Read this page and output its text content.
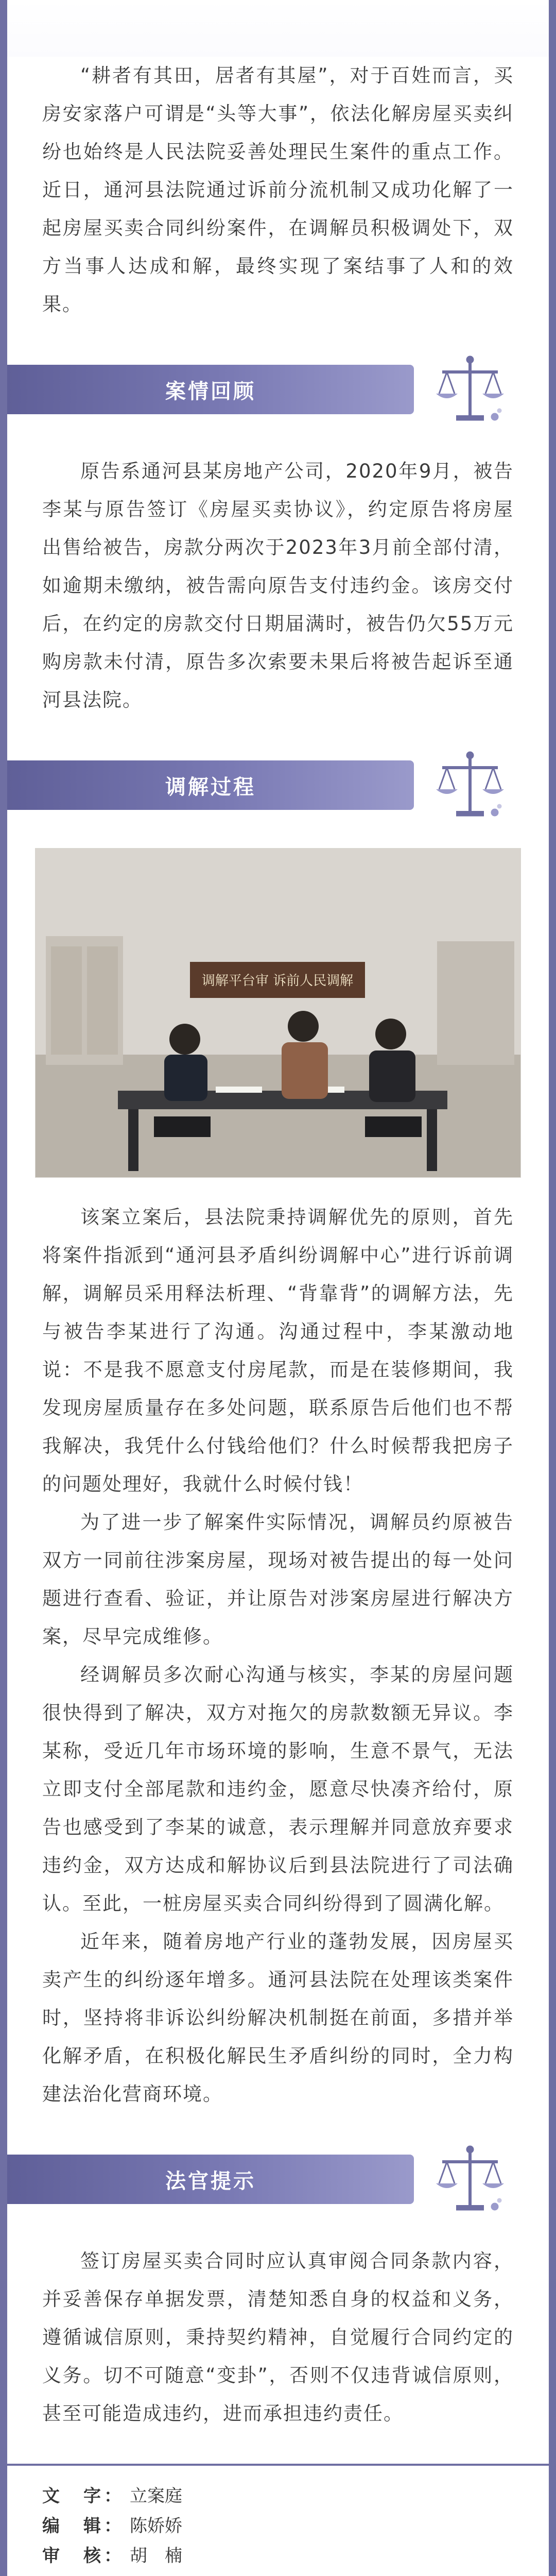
“耕者有其田，居者有其屋”，对于百姓而言，买房安家落户可谓是“头等大事”，依法化解房屋买卖纠纷也始终是人民法院妥善处理民生案件的重点工作。近日，通河县法院通过诉前分流机制又成功化解了一起房屋买卖合同纠纷案件，在调解员积极调处下，双方当事人达成和解，最终实现了案结事了人和的效果。

案情回顾

原告系通河县某房地产公司，2020年9月，被告李某与原告签订《房屋买卖协议》，约定原告将房屋出售给被告，房款分两次于2023年3月前全部付清，如逾期未缴纳，被告需向原告支付违约金。该房交付后，在约定的房款交付日期届满时，被告仍欠55万元购房款未付清，原告多次索要未果后将被告起诉至通河县法院。

调解过程
调解平台审 诉前人民调解

该案立案后，县法院秉持调解优先的原则，首先将案件指派到“通河县矛盾纠纷调解中心”进行诉前调解，调解员采用释法析理、“背靠背”的调解方法，先与被告李某进行了沟通。沟通过程中，李某激动地说：不是我不愿意支付房尾款，而是在装修期间，我发现房屋质量存在多处问题，联系原告后他们也不帮我解决，我凭什么付钱给他们？什么时候帮我把房子的问题处理好，我就什么时候付钱！

为了进一步了解案件实际情况，调解员约原被告双方一同前往涉案房屋，现场对被告提出的每一处问题进行查看、验证，并让原告对涉案房屋进行解决方案，尽早完成维修。

经调解员多次耐心沟通与核实，李某的房屋问题很快得到了解决，双方对拖欠的房款数额无异议。李某称，受近几年市场环境的影响，生意不景气，无法立即支付全部尾款和违约金，愿意尽快凑齐给付，原告也感受到了李某的诚意，表示理解并同意放弃要求违约金，双方达成和解协议后到县法院进行了司法确认。至此，一桩房屋买卖合同纠纷得到了圆满化解。

近年来，随着房地产行业的蓬勃发展，因房屋买卖产生的纠纷逐年增多。通河县法院在处理该类案件时，坚持将非诉讼纠纷解决机制挺在前面，多措并举化解矛盾，在积极化解民生矛盾纠纷的同时，全力构建法治化营商环境。

法官提示

签订房屋买卖合同时应认真审阅合同条款内容，并妥善保存单据发票，清楚知悉自身的权益和义务，遵循诚信原则，秉持契约精神，自觉履行合同约定的义务。切不可随意“变卦”，否则不仅违背诚信原则，甚至可能造成违约，进而承担违约责任。

文　字： 立案庭
编　辑： 陈娇娇
审　核： 胡　楠
